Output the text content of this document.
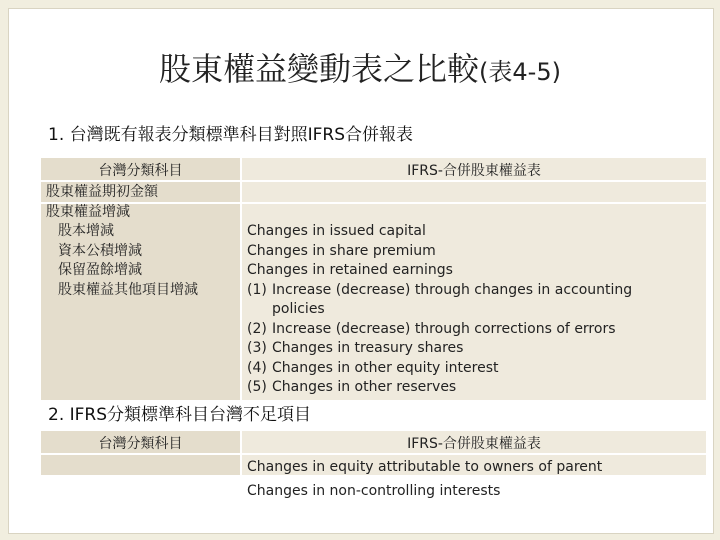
股東權益變動表之比較(表4-5)
1. 台灣既有報表分類標準科目對照IFRS合併報表
台灣分類科目	IFRS-合併股東權益表
股東權益期初金額
股東權益增減
股本增減
資本公積增減
保留盈餘增減
股東權益其他項目增減
Changes in issued capital
Changes in share premium
Changes in retained earnings
(1) Increase (decrease) through changes in accounting
policies
(2) Increase (decrease) through corrections of errors
(3) Changes in treasury shares
(4) Changes in other equity interest
(5) Changes in other reserves
2. IFRS分類標準科目台灣不足項目
台灣分類科目	IFRS-合併股東權益表
Changes in equity attributable to owners of parent
Changes in non-controlling interests
